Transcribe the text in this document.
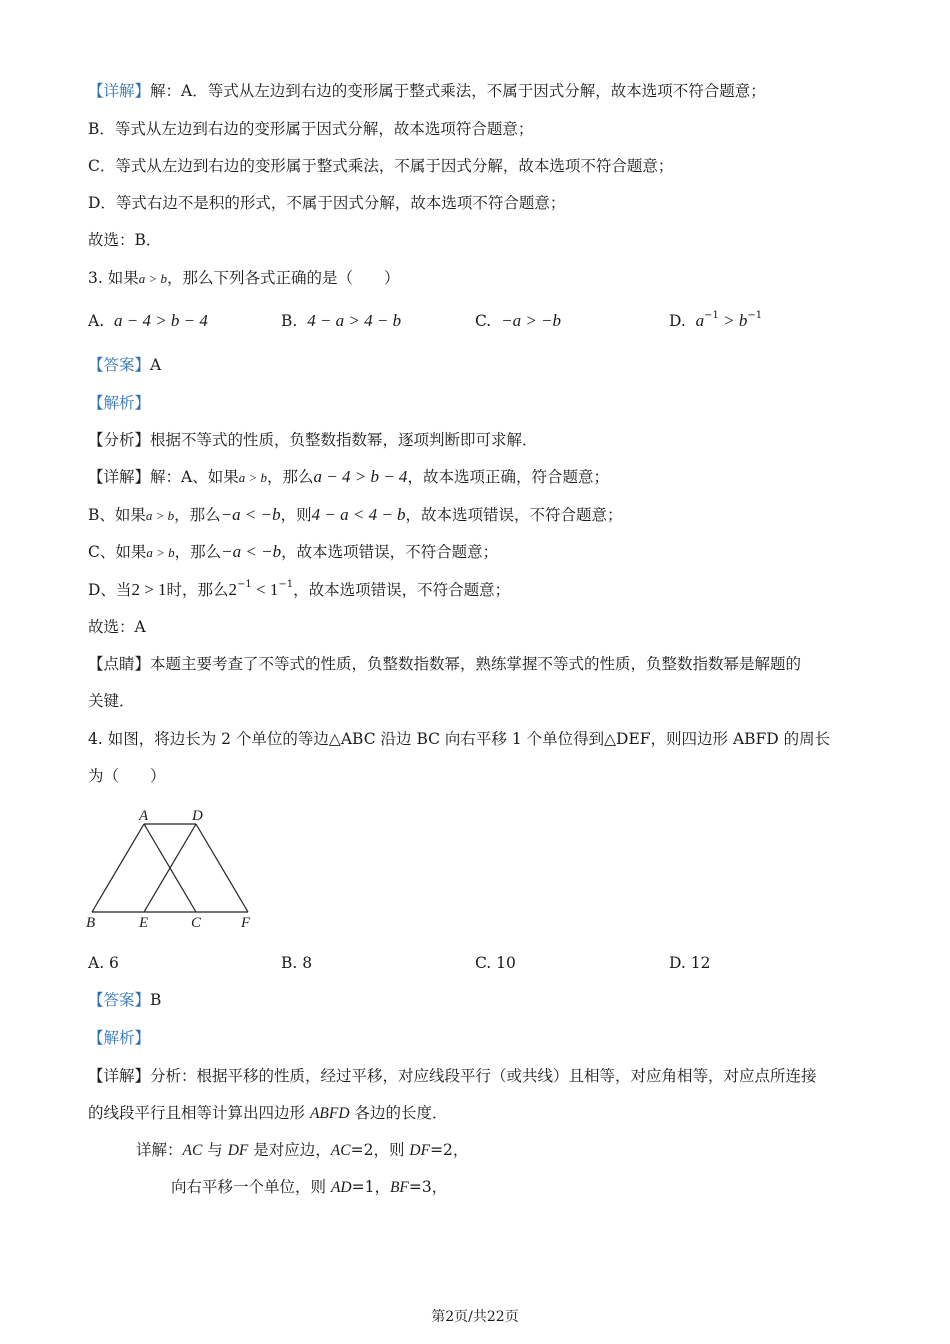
【详解】解：A．等式从左边到右边的变形属于整式乘法，不属于因式分解，故本选项不符合题意；
B．等式从左边到右边的变形属于因式分解，故本选项符合题意；
C．等式从左边到右边的变形属于整式乘法，不属于因式分解，故本选项不符合题意；
D．等式右边不是积的形式，不属于因式分解，故本选项不符合题意；
故选：B．
3. 如果a > b，那么下列各式正确的是（　　）
A. a − 4 > b − 4	B. 4 − a > 4 − b	C. −a > −b	D. $a^{-1} > b^{-1}$
【答案】A
【解析】
【分析】根据不等式的性质，负整数指数幂，逐项判断即可求解．
【详解】解：A、如果a > b，那么a − 4 > b − 4，故本选项正确，符合题意；
B、如果a > b，那么−a < −b，则4 − a < 4 − b，故本选项错误，不符合题意；
C、如果a > b，那么−a < −b，故本选项错误，不符合题意；
D、当2 > 1时，那么$2^{-1} < 1^{-1}$，故本选项错误，不符合题意；
故选：A
【点睛】本题主要考查了不等式的性质，负整数指数幂，熟练掌握不等式的性质，负整数指数幂是解题的
关键．
4. 如图，将边长为 2 个单位的等边△ABC 沿边 BC 向右平移 1 个单位得到△DEF，则四边形 ABFD 的周长
为（　　）
A	D
B	E	C	F
A. 6	B. 8	C. 10	D. 12
【答案】B
【解析】
【详解】分析：根据平移的性质，经过平移，对应线段平行（或共线）且相等，对应角相等，对应点所连接
的线段平行且相等计算出四边形 ABFD 各边的长度．
详解：AC 与 DF 是对应边，AC=2，则 DF=2，
向右平移一个单位，则 AD=1，BF=3，
第2页/共22页
